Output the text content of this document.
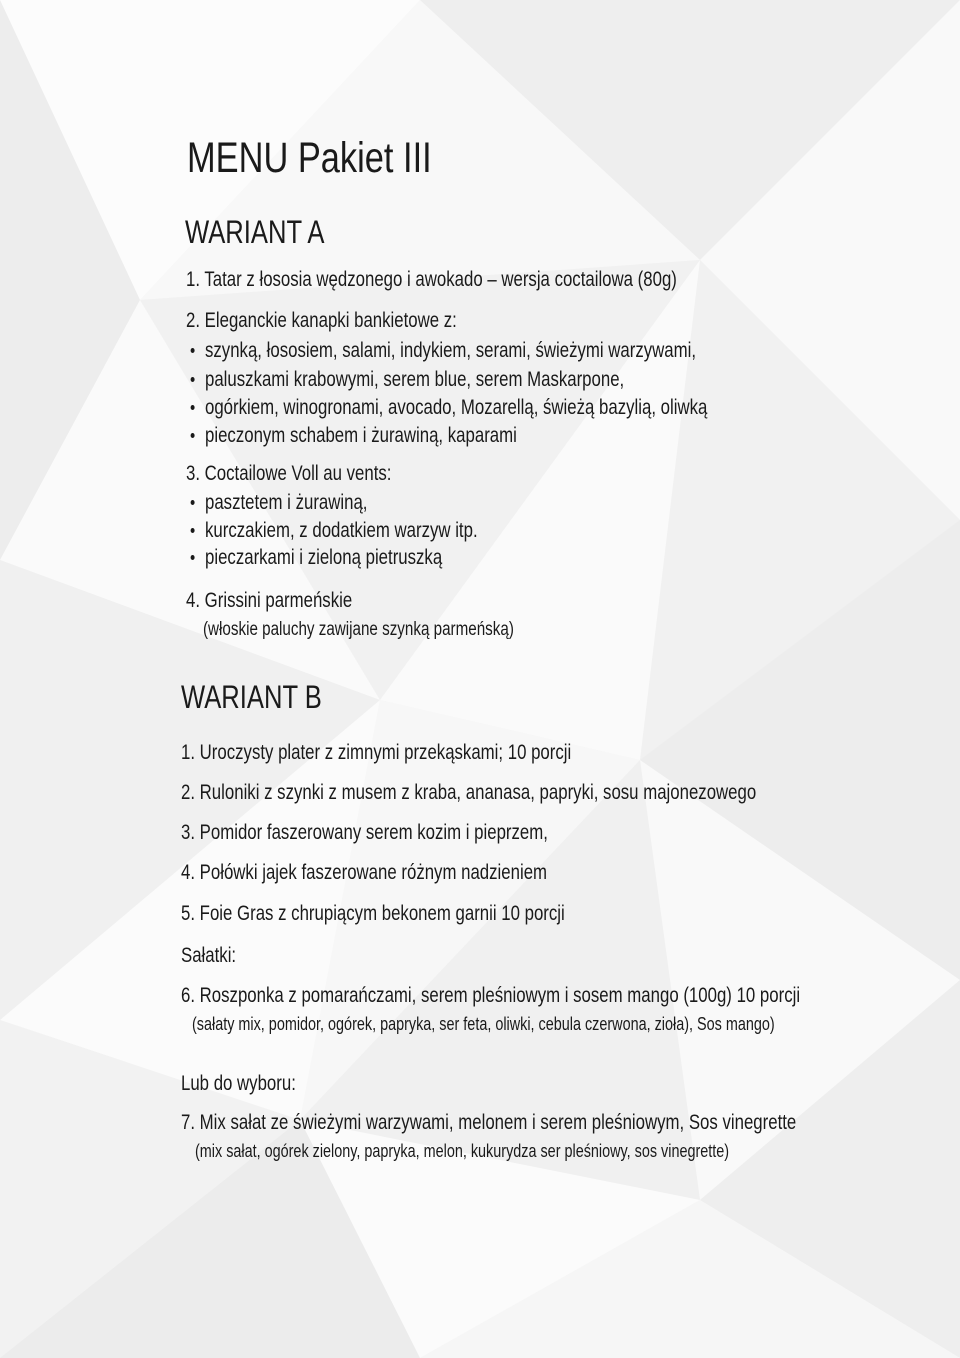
MENU Pakiet III
WARIANT A
1. Tatar z łososia wędzonego i awokado – wersja coctailowa (80g)
2. Eleganckie kanapki bankietowe z:
szynką, łososiem, salami, indykiem, serami, świeżymi warzywami,
paluszkami krabowymi, serem blue, serem Maskarpone,
ogórkiem, winogronami, avocado, Mozarellą, świeżą bazylią, oliwką
pieczonym schabem i żurawiną, kaparami
3. Coctailowe Voll au vents:
pasztetem i żurawiną,
kurczakiem, z dodatkiem warzyw itp.
pieczarkami i zieloną pietruszką
4. Grissini parmeńskie
(włoskie paluchy zawijane szynką parmeńską)
WARIANT B
1. Uroczysty plater z zimnymi przekąskami; 10 porcji
2. Ruloniki z szynki z musem z kraba, ananasa, papryki, sosu majonezowego
3. Pomidor faszerowany serem kozim i pieprzem,
4. Połówki jajek faszerowane różnym nadzieniem
5. Foie Gras z chrupiącym bekonem garnii 10 porcji
Sałatki:
6. Roszponka z pomarańczami, serem pleśniowym i sosem mango (100g) 10 porcji
(sałaty mix, pomidor, ogórek, papryka, ser feta, oliwki, cebula czerwona, zioła), Sos mango)
Lub do wyboru:
7. Mix sałat ze świeżymi warzywami, melonem i serem pleśniowym, Sos vinegrette
(mix sałat, ogórek zielony, papryka, melon, kukurydza ser pleśniowy, sos vinegrette)
